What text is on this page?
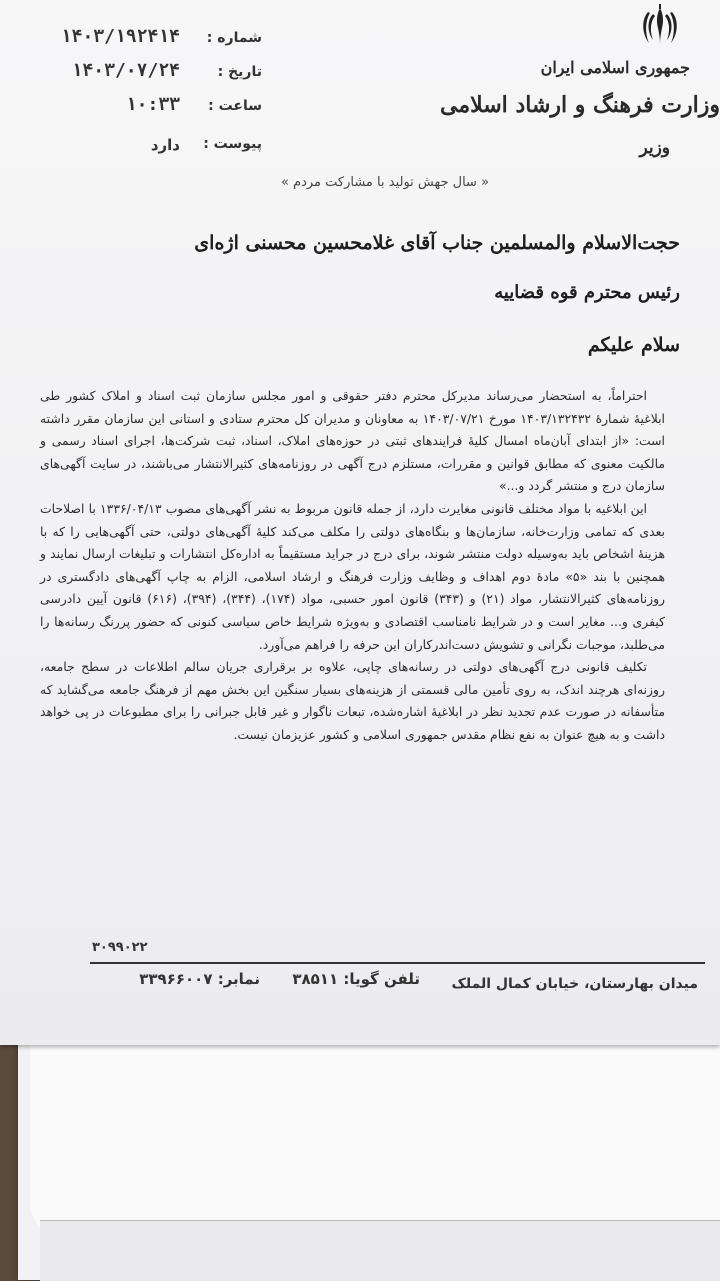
جمهوری اسلامی ایران
وزارت فرهنگ و ارشاد اسلامی
وزیر
شماره :
۱۴۰۳/۱۹۲۴۱۴
تاریخ :
۱۴۰۳/۰۷/۲۴
ساعت :
۱۰:۳۳
پیوست :
دارد
« سال جهش تولید با مشارکت مردم »
حجت‌الاسلام والمسلمین جناب آقای غلامحسین محسنی اژه‌ای
رئیس محترم قوه قضاییه
سلام علیکم

احتراماً، به استحضار می‌رساند مدیرکل محترم دفتر حقوقی و امور مجلس سازمان ثبت اسناد و املاک کشور طی ابلاغیهٔ شمارهٔ ۱۴۰۳/۱۳۲۴۳۲ مورخ ۱۴۰۳/۰۷/۲۱ به معاونان و مدیران کل محترم ستادی و استانی این سازمان مقرر داشته است: «از ابتدای آبان‌ماه امسال کلیهٔ فرایندهای ثبتی در حوزه‌های املاک، اسناد، ثبت شرکت‌ها، اجرای اسناد رسمی و مالکیت معنوی که مطابق قوانین و مقررات، مستلزم درج آگهی در روزنامه‌های کثیرالانتشار می‌باشند، در سایت آگهی‌های سازمان درج و منتشر گردد و...»

این ابلاغیه با مواد مختلف قانونی مغایرت دارد، از جمله قانون مربوط به نشر آگهی‌های مصوب ۱۳۳۶/۰۴/۱۳ با اصلاحات بعدی که تمامی وزارت‌خانه، سازمان‌ها و بنگاه‌های دولتی را مکلف می‌کند کلیهٔ آگهی‌های دولتی، حتی آگهی‌هایی را که با هزینهٔ اشخاص باید به‌وسیله دولت منتشر شوند، برای درج در جراید مستقیماً به اداره‌کل انتشارات و تبلیغات ارسال نمایند و همچنین با بند «۵» مادهٔ دوم اهداف و وظایف وزارت فرهنگ و ارشاد اسلامی، الزام به چاپ آگهی‌های دادگستری در روزنامه‌های کثیرالانتشار، مواد (۲۱) و (۳۴۳) قانون امور حسبی، مواد (۱۷۴)، (۳۴۴)، (۳۹۴)، (۶۱۶) قانون آیین دادرسی کیفری و... مغایر است و در شرایط نامناسب اقتصادی و به‌ویژه شرایط خاص سیاسی کنونی که حضور پررنگ رسانه‌ها را می‌طلبد، موجبات نگرانی و تشویش دست‌اندرکاران این حرفه را فراهم می‌آورد.

تکلیف قانونی درج آگهی‌های دولتی در رسانه‌های چاپی، علاوه بر برقراری جریان سالم اطلاعات در سطح جامعه، روزنه‌ای هرچند اندک، به روی تأمین مالی قسمتی از هزینه‌های بسیار سنگین این بخش مهم از فرهنگ جامعه می‌گشاید که متأسفانه در صورت عدم تجدید نظر در ابلاغیهٔ اشاره‌شده، تبعات ناگوار و غیر قابل جبرانی را برای مطبوعات در پی خواهد داشت و به هیچ عنوان به نفع نظام مقدس جمهوری اسلامی و کشور عزیزمان نیست.

۳۰۹۹۰۲۲
میدان بهارستان، خیابان کمال الملک
تلفن گویا: ۳۸۵۱۱
نمابر: ۳۳۹۶۶۰۰۷
